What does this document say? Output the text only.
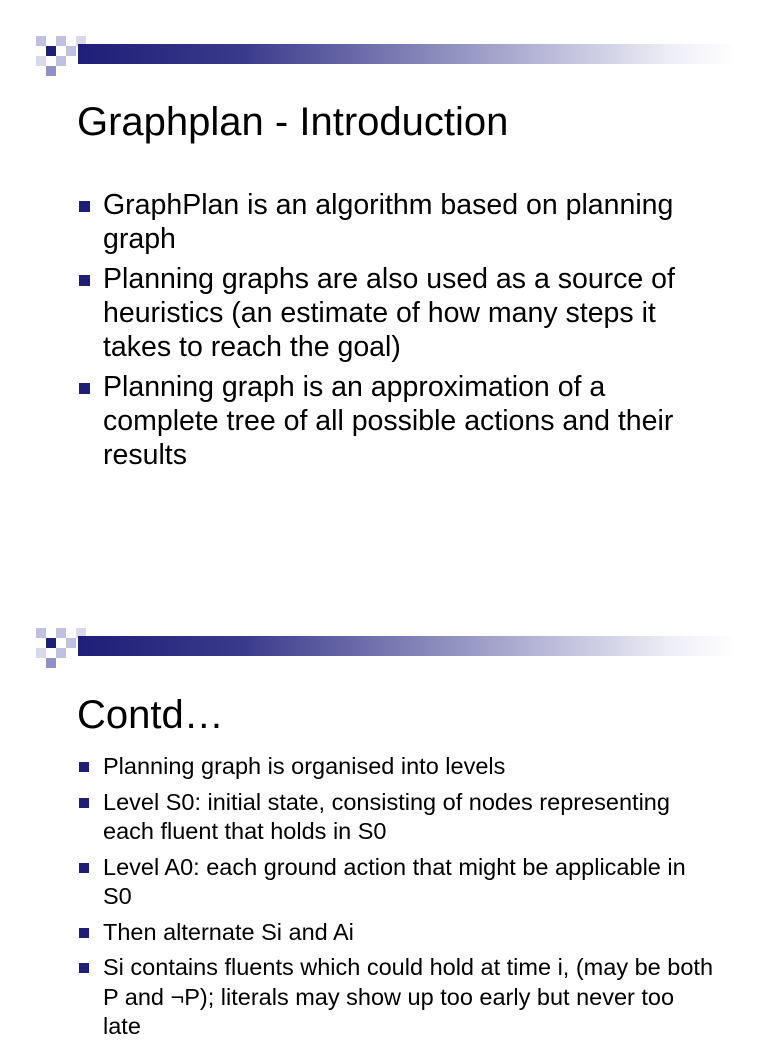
Graphplan - Introduction
GraphPlan is an algorithm based on planning graph
Planning graphs are also used as a source of heuristics (an estimate of how many steps it takes to reach the goal)
Planning graph is an approximation of a complete tree of all possible actions and their results
Contd…
Planning graph is organised into levels
Level S0: initial state, consisting of nodes representing each fluent that holds in S0
Level A0: each ground action that might be applicable in S0
Then alternate Si and Ai
Si contains fluents which could hold at time i, (may be both P and ¬P); literals may show up too early but never too late
